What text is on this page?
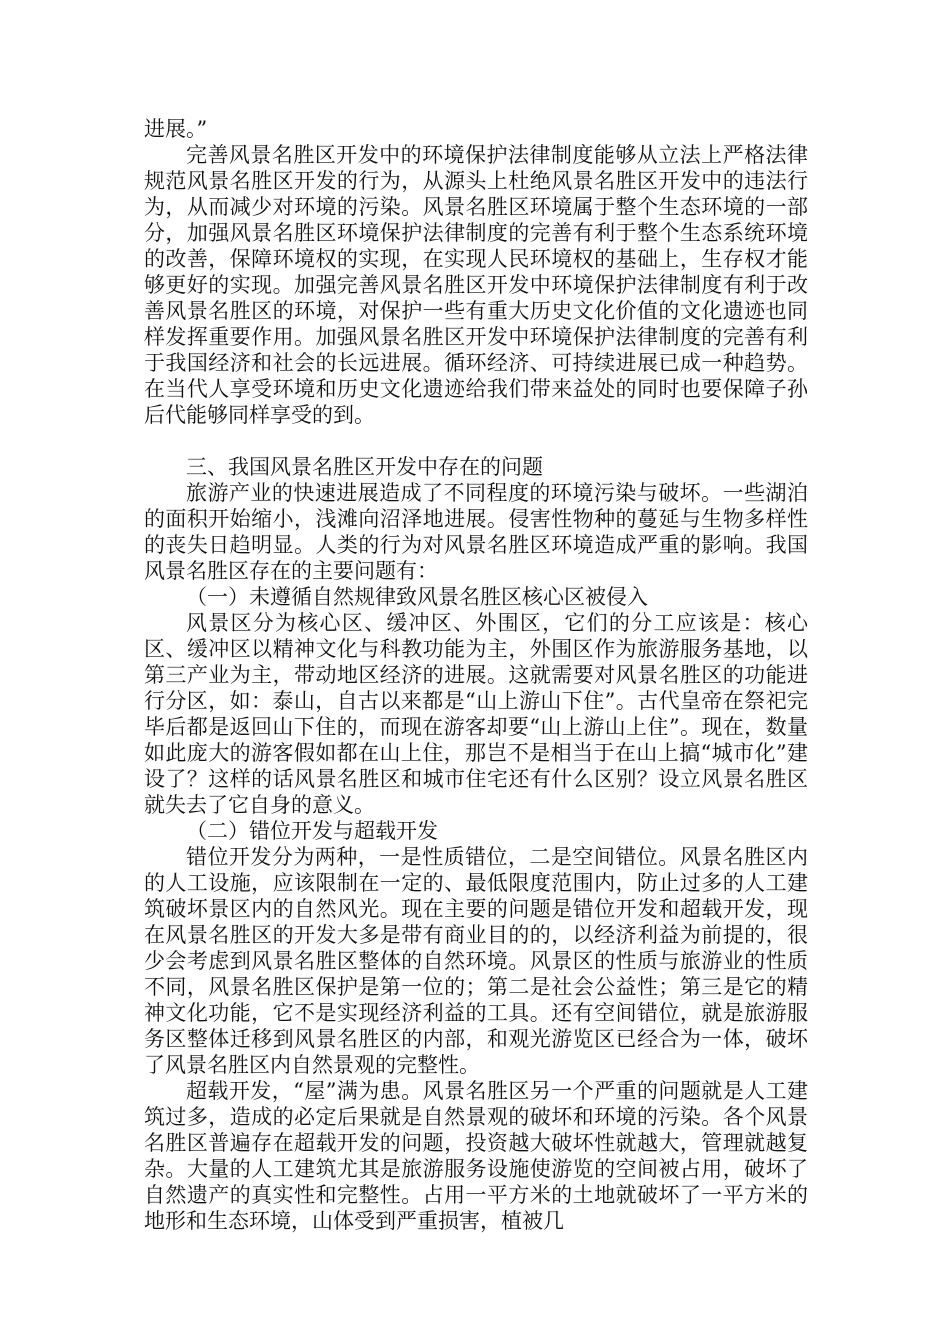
进展。”

完善风景名胜区开发中的环境保护法律制度能够从立法上严格法律规范风景名胜区开发的行为，从源头上杜绝风景名胜区开发中的违法行为，从而减少对环境的污染。风景名胜区环境属于整个生态环境的一部分，加强风景名胜区环境保护法律制度的完善有利于整个生态系统环境的改善，保障环境权的实现，在实现人民环境权的基础上，生存权才能够更好的实现。加强完善风景名胜区开发中环境保护法律制度有利于改善风景名胜区的环境，对保护一些有重大历史文化价值的文化遗迹也同样发挥重要作用。加强风景名胜区开发中环境保护法律制度的完善有利于我国经济和社会的长远进展。循环经济、可持续进展已成一种趋势。在当代人享受环境和历史文化遗迹给我们带来益处的同时也要保障子孙后代能够同样享受的到。

三、我国风景名胜区开发中存在的问题

旅游产业的快速进展造成了不同程度的环境污染与破坏。一些湖泊的面积开始缩小，浅滩向沼泽地进展。侵害性物种的蔓延与生物多样性的丧失日趋明显。人类的行为对风景名胜区环境造成严重的影响。我国风景名胜区存在的主要问题有：

（一）未遵循自然规律致风景名胜区核心区被侵入

风景区分为核心区、缓冲区、外围区，它们的分工应该是：核心区、缓冲区以精神文化与科教功能为主，外围区作为旅游服务基地，以第三产业为主，带动地区经济的进展。这就需要对风景名胜区的功能进行分区，如：泰山，自古以来都是“山上游山下住”。古代皇帝在祭祀完毕后都是返回山下住的，而现在游客却要“山上游山上住”。现在，数量如此庞大的游客假如都在山上住，那岂不是相当于在山上搞“城市化”建设了？这样的话风景名胜区和城市住宅还有什么区别？设立风景名胜区就失去了它自身的意义。

（二）错位开发与超载开发

错位开发分为两种，一是性质错位，二是空间错位。风景名胜区内的人工设施，应该限制在一定的、最低限度范围内，防止过多的人工建筑破坏景区内的自然风光。现在主要的问题是错位开发和超载开发，现在风景名胜区的开发大多是带有商业目的的，以经济利益为前提的，很少会考虑到风景名胜区整体的自然环境。风景区的性质与旅游业的性质不同，风景名胜区保护是第一位的；第二是社会公益性；第三是它的精神文化功能，它不是实现经济利益的工具。还有空间错位，就是旅游服务区整体迁移到风景名胜区的内部，和观光游览区已经合为一体，破坏了风景名胜区内自然景观的完整性。

超载开发，“屋”满为患。风景名胜区另一个严重的问题就是人工建筑过多，造成的必定后果就是自然景观的破坏和环境的污染。各个风景名胜区普遍存在超载开发的问题，投资越大破坏性就越大，管理就越复杂。大量的人工建筑尤其是旅游服务设施使游览的空间被占用，破坏了自然遗产的真实性和完整性。占用一平方米的土地就破坏了一平方米的地形和生态环境，山体受到严重损害，植被几
